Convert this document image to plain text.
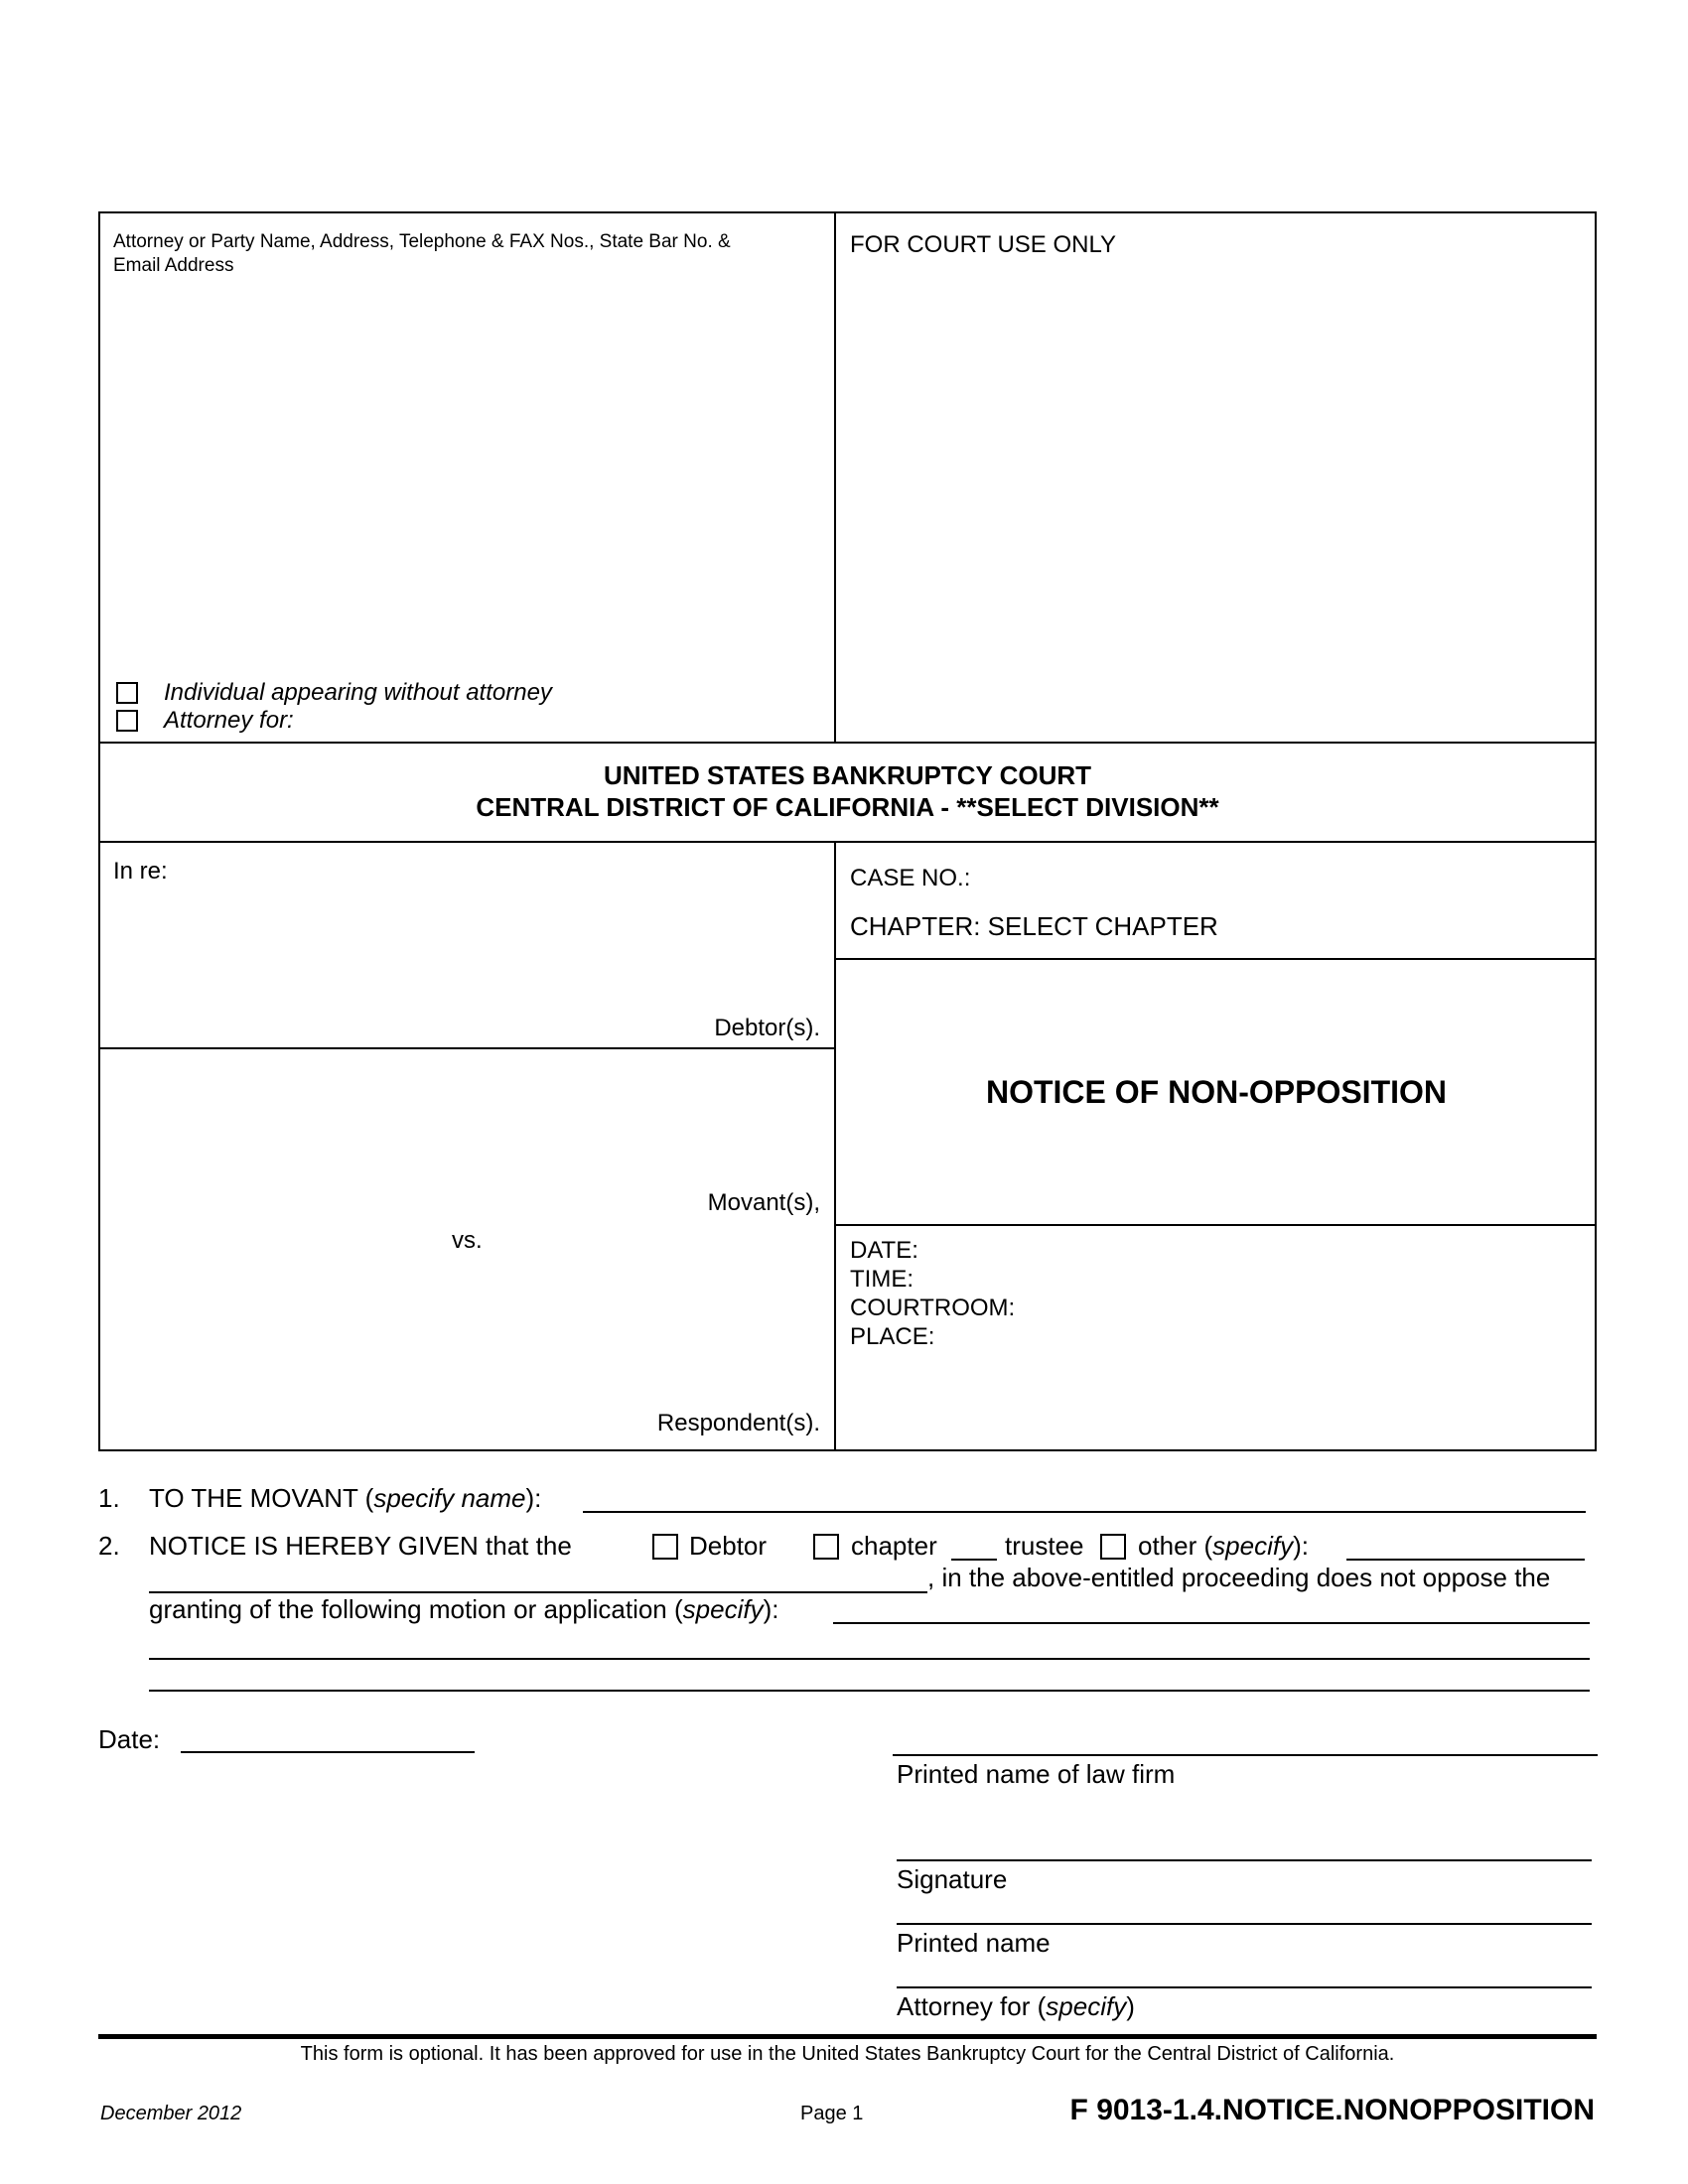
Attorney or Party Name, Address, Telephone & FAX Nos., State Bar No. &
Email Address
FOR COURT USE ONLY
Individual appearing without attorney
Attorney for:
UNITED STATES BANKRUPTCY COURT
CENTRAL DISTRICT OF CALIFORNIA - **SELECT DIVISION**
In re:
Debtor(s).
Movant(s),
vs.
Respondent(s).
CASE NO.:
CHAPTER: SELECT CHAPTER
NOTICE OF NON-OPPOSITION
DATE:
TIME:
COURTROOM:
PLACE:
1. TO THE MOVANT (specify name):
2. NOTICE IS HEREBY GIVEN that the	Debtor	chapter	trustee other (specify):
, in the above-entitled proceeding does not oppose the
granting of the following motion or application (specify):
Date:
Printed name of law firm
Signature
Printed name
Attorney for (specify)
This form is optional. It has been approved for use in the United States Bankruptcy Court for the Central District of California.
December 2012	Page 1	F 9013-1.4.NOTICE.NONOPPOSITION
